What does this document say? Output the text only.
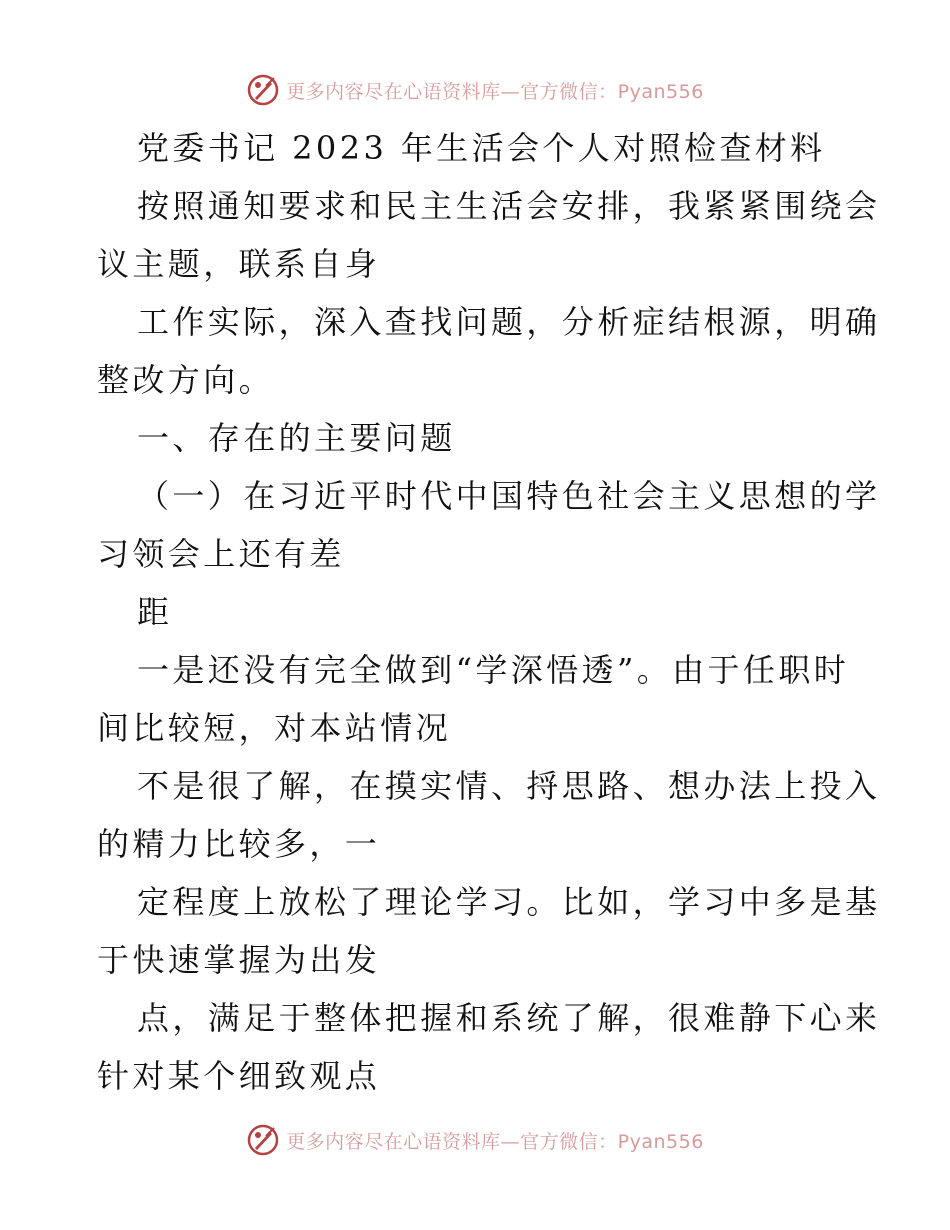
更多内容尽在心语资料库—官方微信：Pyan556
党委书记 2023 年生活会个人对照检查材料
按照通知要求和民主生活会安排，我紧紧围绕会
议主题，联系自身
工作实际，深入查找问题，分析症结根源，明确
整改方向。
一、存在的主要问题
（一）在习近平时代中国特色社会主义思想的学
习领会上还有差
距
一是还没有完全做到“学深悟透”。由于任职时
间比较短，对本站情况
不是很了解，在摸实情、捋思路、想办法上投入
的精力比较多，一
定程度上放松了理论学习。比如，学习中多是基
于快速掌握为出发
点，满足于整体把握和系统了解，很难静下心来
针对某个细致观点
更多内容尽在心语资料库—官方微信：Pyan556
